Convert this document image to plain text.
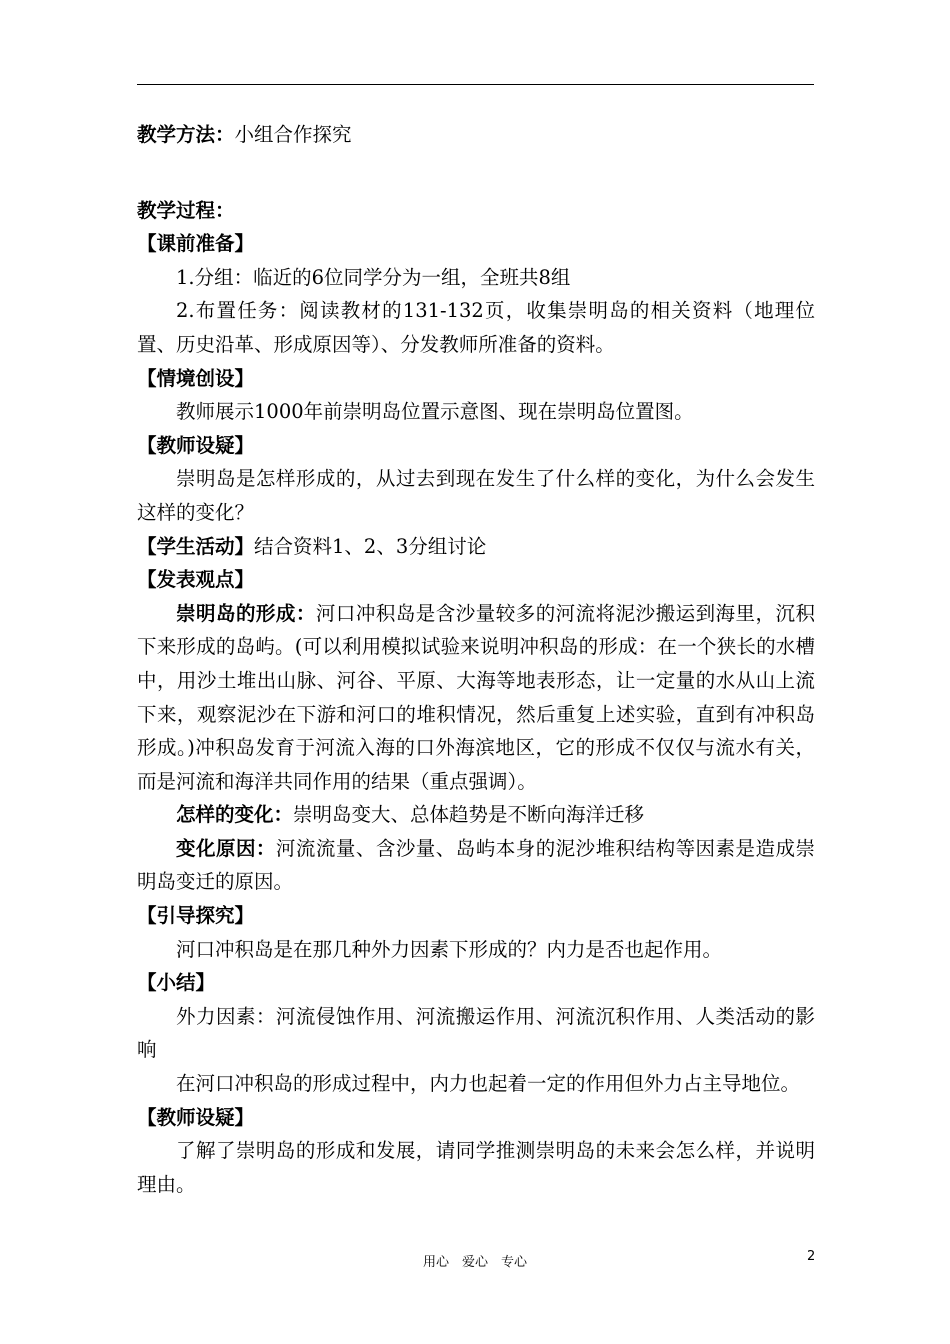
教学方法：小组合作探究
教学过程：
【课前准备】

1.分组：临近的6位同学分为一组，全班共8组

2.布置任务：阅读教材的131-132页，收集崇明岛的相关资料（地理位置、历史沿革、形成原因等）、分发教师所准备的资料。

【情境创设】

教师展示1000年前崇明岛位置示意图、现在崇明岛位置图。

【教师设疑】

崇明岛是怎样形成的，从过去到现在发生了什么样的变化，为什么会发生这样的变化？

【学生活动】结合资料1、2、3分组讨论
【发表观点】

崇明岛的形成：河口冲积岛是含沙量较多的河流将泥沙搬运到海里，沉积下来形成的岛屿。(可以利用模拟试验来说明冲积岛的形成：在一个狭长的水槽中，用沙土堆出山脉、河谷、平原、大海等地表形态，让一定量的水从山上流下来，观察泥沙在下游和河口的堆积情况，然后重复上述实验，直到有冲积岛形成。)冲积岛发育于河流入海的口外海滨地区，它的形成不仅仅与流水有关，而是河流和海洋共同作用的结果（重点强调）。

怎样的变化：崇明岛变大、总体趋势是不断向海洋迁移

变化原因：河流流量、含沙量、岛屿本身的泥沙堆积结构等因素是造成崇明岛变迁的原因。

【引导探究】

河口冲积岛是在那几种外力因素下形成的？内力是否也起作用。

【小结】

外力因素：河流侵蚀作用、河流搬运作用、河流沉积作用、人类活动的影响

在河口冲积岛的形成过程中，内力也起着一定的作用但外力占主导地位。

【教师设疑】

了解了崇明岛的形成和发展，请同学推测崇明岛的未来会怎么样，并说明理由。

用心　爱心　专心	2
